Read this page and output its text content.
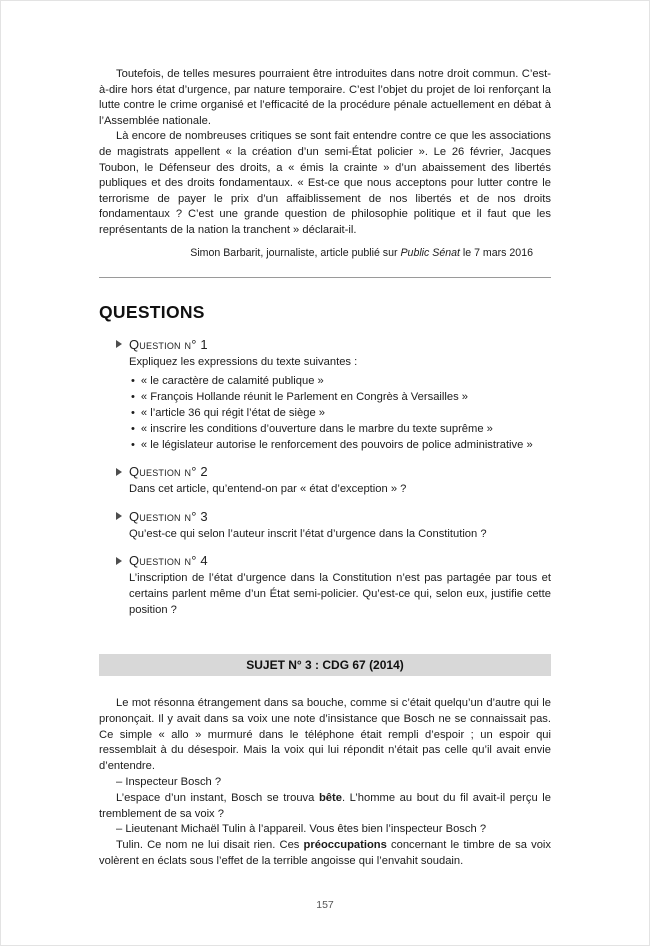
Toutefois, de telles mesures pourraient être introduites dans notre droit commun. C’est-à-dire hors état d’urgence, par nature temporaire. C’est l’objet du projet de loi renforçant la lutte contre le crime organisé et l’efficacité de la procédure pénale actuellement en débat à l’Assemblée nationale.

Là encore de nombreuses critiques se sont fait entendre contre ce que les associations de magistrats appellent « la création d’un semi-État policier ». Le 26 février, Jacques Toubon, le Défenseur des droits, a « émis la crainte » d’un abaissement des libertés publiques et des droits fondamentaux. « Est-ce que nous acceptons pour lutter contre le terrorisme de payer le prix d’un affaiblissement de nos libertés et de nos droits fondamentaux ? C’est une grande question de philosophie politique et il faut que les représentants de la nation la tranchent » déclarait-il.

Simon Barbarit, journaliste, article publié sur Public Sénat le 7 mars 2016

QUESTIONS
Question n° 1
Expliquez les expressions du texte suivantes :
• « le caractère de calamité publique »
• « François Hollande réunit le Parlement en Congrès à Versailles »
• « l’article 36 qui régit l’état de siège »
• « inscrire les conditions d’ouverture dans le marbre du texte suprême »
• « le législateur autorise le renforcement des pouvoirs de police administrative »
Question n° 2
Dans cet article, qu’entend-on par « état d’exception » ?
Question n° 3
Qu’est-ce qui selon l’auteur inscrit l’état d’urgence dans la Constitution ?
Question n° 4
L’inscription de l’état d’urgence dans la Constitution n’est pas partagée par tous et certains parlent même d’un État semi-policier. Qu’est-ce qui, selon eux, justifie cette position ?
SUJET N° 3 : CDG 67 (2014)

Le mot résonna étrangement dans sa bouche, comme si c’était quelqu’un d’autre qui le prononçait. Il y avait dans sa voix une note d’insistance que Bosch ne se connaissait pas. Ce simple « allo » murmuré dans le téléphone était rempli d’espoir ; un espoir qui ressemblait à du désespoir. Mais la voix qui lui répondit n’était pas celle qu’il avait envie d’entendre.

– Inspecteur Bosch ?

L’espace d’un instant, Bosch se trouva bête. L’homme au bout du fil avait-il perçu le tremblement de sa voix ?

– Lieutenant Michaël Tulin à l’appareil. Vous êtes bien l’inspecteur Bosch ?

Tulin. Ce nom ne lui disait rien. Ces préoccupations concernant le timbre de sa voix volèrent en éclats sous l’effet de la terrible angoisse qui l’envahit soudain.

157
